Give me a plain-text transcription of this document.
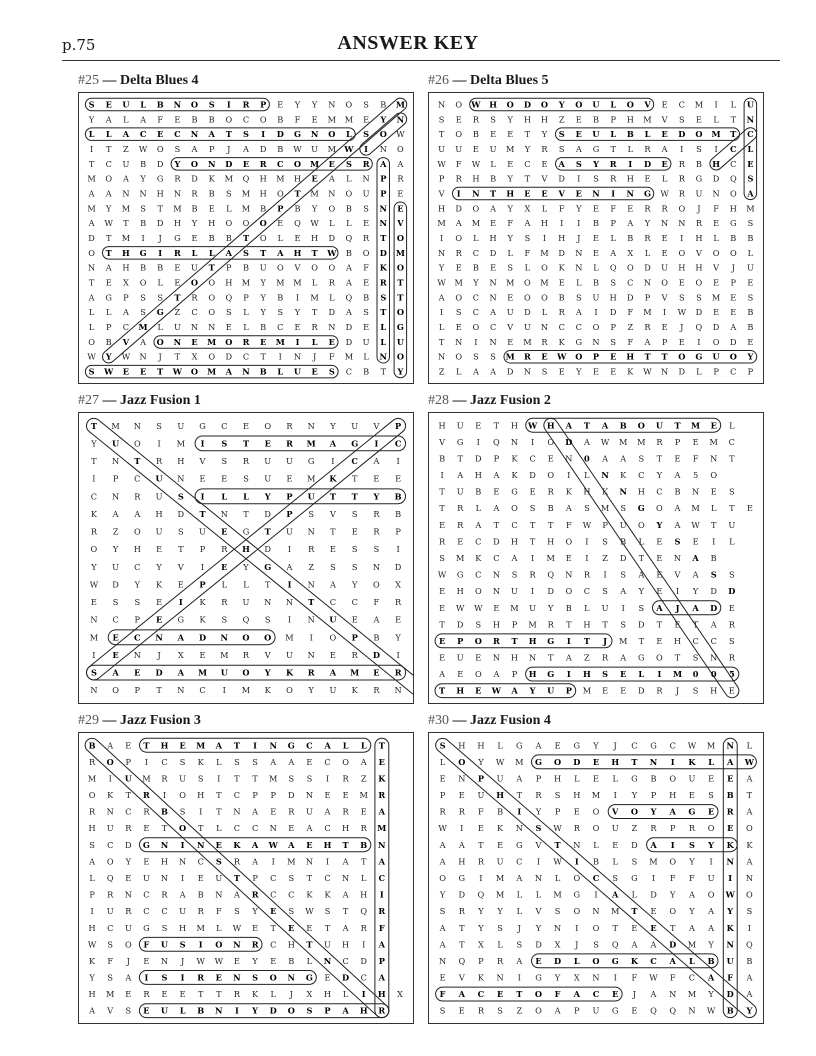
p.75	ANSWER KEY
#25 — Delta Blues 4
S E U L B N O S I R P E Y Y N O S B M
Y A L A F E B B O C O B F E M M E Y N
L L A C E C N A T S I D G N O L S O W
I T Z W O S A P J A D B W U M W I N O
T C U B D Y O N D E R C O M E S R A A
M O A Y G R D K M Q H M H E A L N P R
A A N N H N R B S M H O T M N O U P E
M Y M S T M B E L M B P B Y O B S N E
A W T B D H Y H O O O E Q W L L E N V
D T M I J G E B B T O L E H D Q R T O
O T H G I R L L A S T A H T W B O D M
N A H B B E U T P B U O V O O A F K O
T E X O L E O O H M Y M M L R A E R T
A G P S S T R O Q P Y B I M L Q B S T
L L A S G Z C O S L Y S Y T D A S T O
L P C M L U N N E L B C E R N D E L G
O B V A O N E M O R E M I L E D U L U
W Y W N J T X O D C T I N J F M L N O
S W E E T W O M A N B L U E S C B T Y
#26 — Delta Blues 5
N O W H O D O Y O U L O V E C M I L U
S E R S Y H H Z E B P H M V S E L T N
T O B E E T Y S E U L B L E D O M T C
U U E U M Y R S A G T L R A I S I C L
W F W L E C E A S Y R I D E R B H C E
P R H B Y T V D I S R H E L R G D Q S
V I N T H E E V E N I N G W R U N O A
H D O A Y X L F Y E F E R R O J F H M
M A M E F A H I I B P A Y N N R E G S
I O L H Y S I H J E L B R E I H L B B
N R C D L F M D N E A X L E O V O O L
Y E B E S L O K N L Q O D U H H V J U
W M Y N M O M E L B S C N O E O E P E
A O C N E O O B S U H D P V S S M E S
I S C A U D L R A I D F M I W D E E B
L E O C V U N C C O P Z R E J Q D A B
T N I N E M R K G N S F A P E I O D E
N O S S M R E W O P E H T T O G U O Y
Z L A A D N S E Y E E K W N D L P C P
#27 — Jazz Fusion 1
T M N S U G C E O R N Y U V P
Y U O I M I S T E R M A G I C
T N T R H V S R U U G I C A I
I P C U N E E S U E M K T E E
C N R U S I L L Y P U T T Y B
K A A H D T N T D P S V S R B
R Z O U S U E G T U N T E R P
O Y H E T P R H D I R E S S I
Y U C Y V I E Y G A Z S S N D
W D Y K E P L L T I N A Y O X
E S S E I K R U N N T C C F R
N C P E G K S Q S I N U E A E
M E C N A D N O O M I O P B Y
I E N J X E M R V U N E R D I
S A E D A M U O Y K R A M E R
N O P T N C I M K O Y U K R N
#28 — Jazz Fusion 2
H U E T H W H A T A B O U T M E L
V G I Q N I O D A W M M R P E M C
B T D P K C E N 0 A A S T E F N T
I A H A K D O I L N K C Y A 5 O
T U B E G E R K H K N H C B N E S
T R L A O S B A S M S G O A M L T E
E R A T C T T F W P U O Y A W T U
R E C D H T H O I S B L E S E I L
S M K C A I M E I Z D T E N A B
W G C N S R Q N R I S A E V A S S
E H O N U I D O C S A Y E I Y D D
E W W E M U Y B L U I S A J A D E
T D S H P M R T H T S D T E T A R
E P O R T H G I T J M T E H C C S
E U E N H N T A Z R A G O T S N R
A E O A P H G I H S E L I M 0 0 5
T H E W A Y U P M E E D R J S H E
#29 — Jazz Fusion 3
B A E T H E M A T I N G C A L L T
R O P I C S K L S S A A E C O A E
M I U M R U S I T T M S S I R Z K
O K T R I O H T C P P D N E E M R
R N C R B S I T N A E R U A R E A
H U R E T O T L C C N E A C H R M
S C D G N I N E K A W A E H T B N
A O Y E H N C S R A I M N I A T A
L Q E U N I E U T P C S T C N L C
P R N C R A B N A R C C K K A H I
I U R C C U R F S Y E S W S T Q R
H C U G S H M L W E T E E T A R F
W S O F U S I O N R C H T U H I A
K F J E N J W W E Y E B L N C D P
Y S A I S I R E N S O N G E D C A
H M E R E E T T R K L J X H L I H X
A V S E U L B N I Y D O S P A H R
#30 — Jazz Fusion 4
S H H L G A E G Y J C G C W M N L
L O Y W M G O D E H T N I K L A W
E N P U A P H L E L G B O U E E A
P E U H T R S H M I Y P H E S B T
R R F B I Y P E O V O Y A G E R A
W I E K N S W R O U Z R P R O E O
A A T E G V T N L E D A I S Y K K
A H R U C I W I B L S M O Y I N A
O G I M A N L O C S G I F F U I N
Y D Q M L L M G I A L D Y A O W O
S R Y Y L V S O N M T E O Y A Y S
A T Y S J Y N I O T E E T A A K I
A T X L S D X J S Q A A D M Y N Q
N Q P R A E D L O G K C A L B U B
E V K N I G Y X N I F W F C A F A
F A C E T O F A C E J A N M Y D A
S E R S Z O A P U G E Q Q N W B Y
